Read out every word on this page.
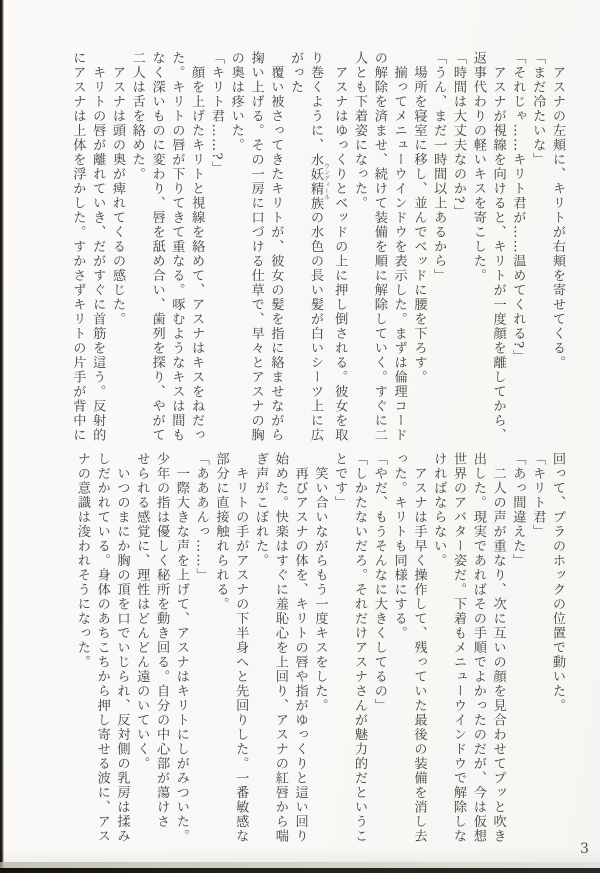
　アスナの左頬に、キリトが右頬を寄せてくる。
「まだ冷たいな」
「それじゃ……キリト君が……温めてくれる?」
　アスナが視線を向けると、キリトが一度顔を離してから、
返事代わりの軽いキスを寄こした。
「時間は大丈夫なのか?」
「うん、まだ一時間以上あるから」
　場所を寝室に移し、並んでベッドに腰を下ろす。
　揃ってメニューウインドウを表示した。まずは倫理コード
の解除を済ませ、続けて装備を順に解除していく。すぐに二
人とも下着姿になった。
　アスナはゆっくりとベッドの上に押し倒される。彼女を取
り巻くように、水妖精族 ウンディーネの水色の長い髪が白いシーツ上に広
がった
　覆い被さってきたキリトが、彼女の髪を指に絡ませながら
掬い上げる。その一房に口づける仕草で、早々とアスナの胸
の奥は疼いた。
「キリト君……?」
　顔を上げたキリトと視線を絡めて、アスナはキスをねだっ
た。キリトの唇が下りてきて重なる。啄むようなキスは間も
なく深いものに変わり、唇を舐め合い、歯列を探り、やがて
二人は舌を絡めた。
　アスナは頭の奥が痺れてくるの感じた。
　キリトの唇が離れていき、だがすぐに首筋を這う。反射的
にアスナは上体を浮かした。すかさずキリトの片手が背中に
回って、ブラのホックの位置で動いた。
「キリト君」
「あっ間違えた」
　二人の声が重なり、次に互いの顔を見合わせてプッと吹き
出した。現実であればその手順でよかったのだが、今は仮想
世界のアバター姿だ。下着もメニューウインドウで解除しな
ければならない。
　アスナは手早く操作して、残っていた最後の装備を消し去
った。キリトも同様にする。
「やだ、もうそんなに大きくしてるの」
「しかたないだろ。それだけアスナさんが魅力的だというこ
とです」
　笑い合いながらもう一度キスをした。
　再びアスナの体を、キリトの唇や指がゆっくりと這い回り
始めた。快楽はすぐに羞恥心を上回り、アスナの紅唇から喘
ぎ声がこぼれた。
　キリトの手がアスナの下半身へと先回りした。一番敏感な
部分に直接触れられる。
「あああんっ……」
　一際大きな声を上げて、アスナはキリトにしがみついた。
少年の指は優しく秘所を動き回る。自分の中心部が蕩けさ
せられる感覚に、理性はどんどん遠のいていく。
　いつのまにか胸の頂を口でいじられ、反対側の乳房は揉み
しだかれている。身体のあちこちから押し寄せる波に、アス
ナの意識は浚われそうになった。
3
